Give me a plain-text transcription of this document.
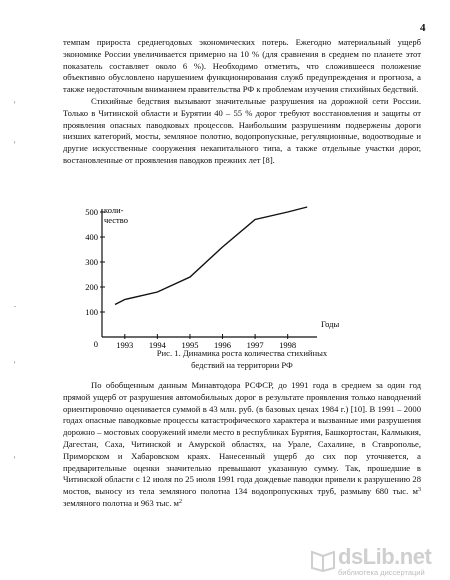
'
'
.
'
'
4

темпам прироста среднегодовых экономических потерь. Ежегодно материальный ущерб экономике России увеличивается примерно на 10 % (для сравнения в среднем по планете этот показатель составляет около 6 %). Необходимо отметить, что сложившееся положение объективно обусловлено нарушением функционирования служб предупреждения и прогноза, а также недостаточным вниманием правительства РФ к проблемам изучения стихийных бедствий.

Стихийные бедствия вызывают значительные разрушения на дорожной сети России. Только в Читинской области и Бурятии 40 – 55 % дорог требуют восстановления и защиты от проявления опасных паводковых процессов. Наибольшим разрушениям подвержены дороги низших категорий, мосты, земляное полотно, водопропускные, регуляционные, водоотводные и другие искусственные сооружения некапитального типа, а также отдельные участки дорог, востановленные от проявления паводков прежних лет [8].

коли-
чество
100
200
300
400
500
0 1993 1994 1995 1996 1997 1998
Годы
Рис. 1. Динамика роста количества стихийных
бедствий на территории РФ

По обобщенным данным Минавтодора РСФСР, до 1991 года в среднем за один год прямой ущерб от разрушения автомобильных дорог в результате проявления только наводнений ориентировочно оценивается суммой в 43 млн. руб. (в базовых ценах 1984 г.) [10]. В 1991 – 2000 годах опасные паводковые процессы катастрофического характера и вызванные ими разрушения дорожно – мостовых сооружений имели место в республиках Бурятия, Башкортостан, Калмыкия, Дагестан, Саха, Читинской и Амурской областях, на Урале, Сахалине, в Ставрополье, Приморском и Хабаровском краях. Нанесенный ущерб до сих пор уточняется, а предварительные оценки значительно превышают указанную сумму. Так, прошедшие в Читинской области с 12 июля по 25 июля 1991 года дождевые паводки привели к разрушению 28 мостов, выносу из тела земляного полотна 134 водопропускных труб, размыву 680 тыс. $м^3$ земляного полотна и 963 тыс. $м^2$

dsLib.net
библиотека диссертаций
